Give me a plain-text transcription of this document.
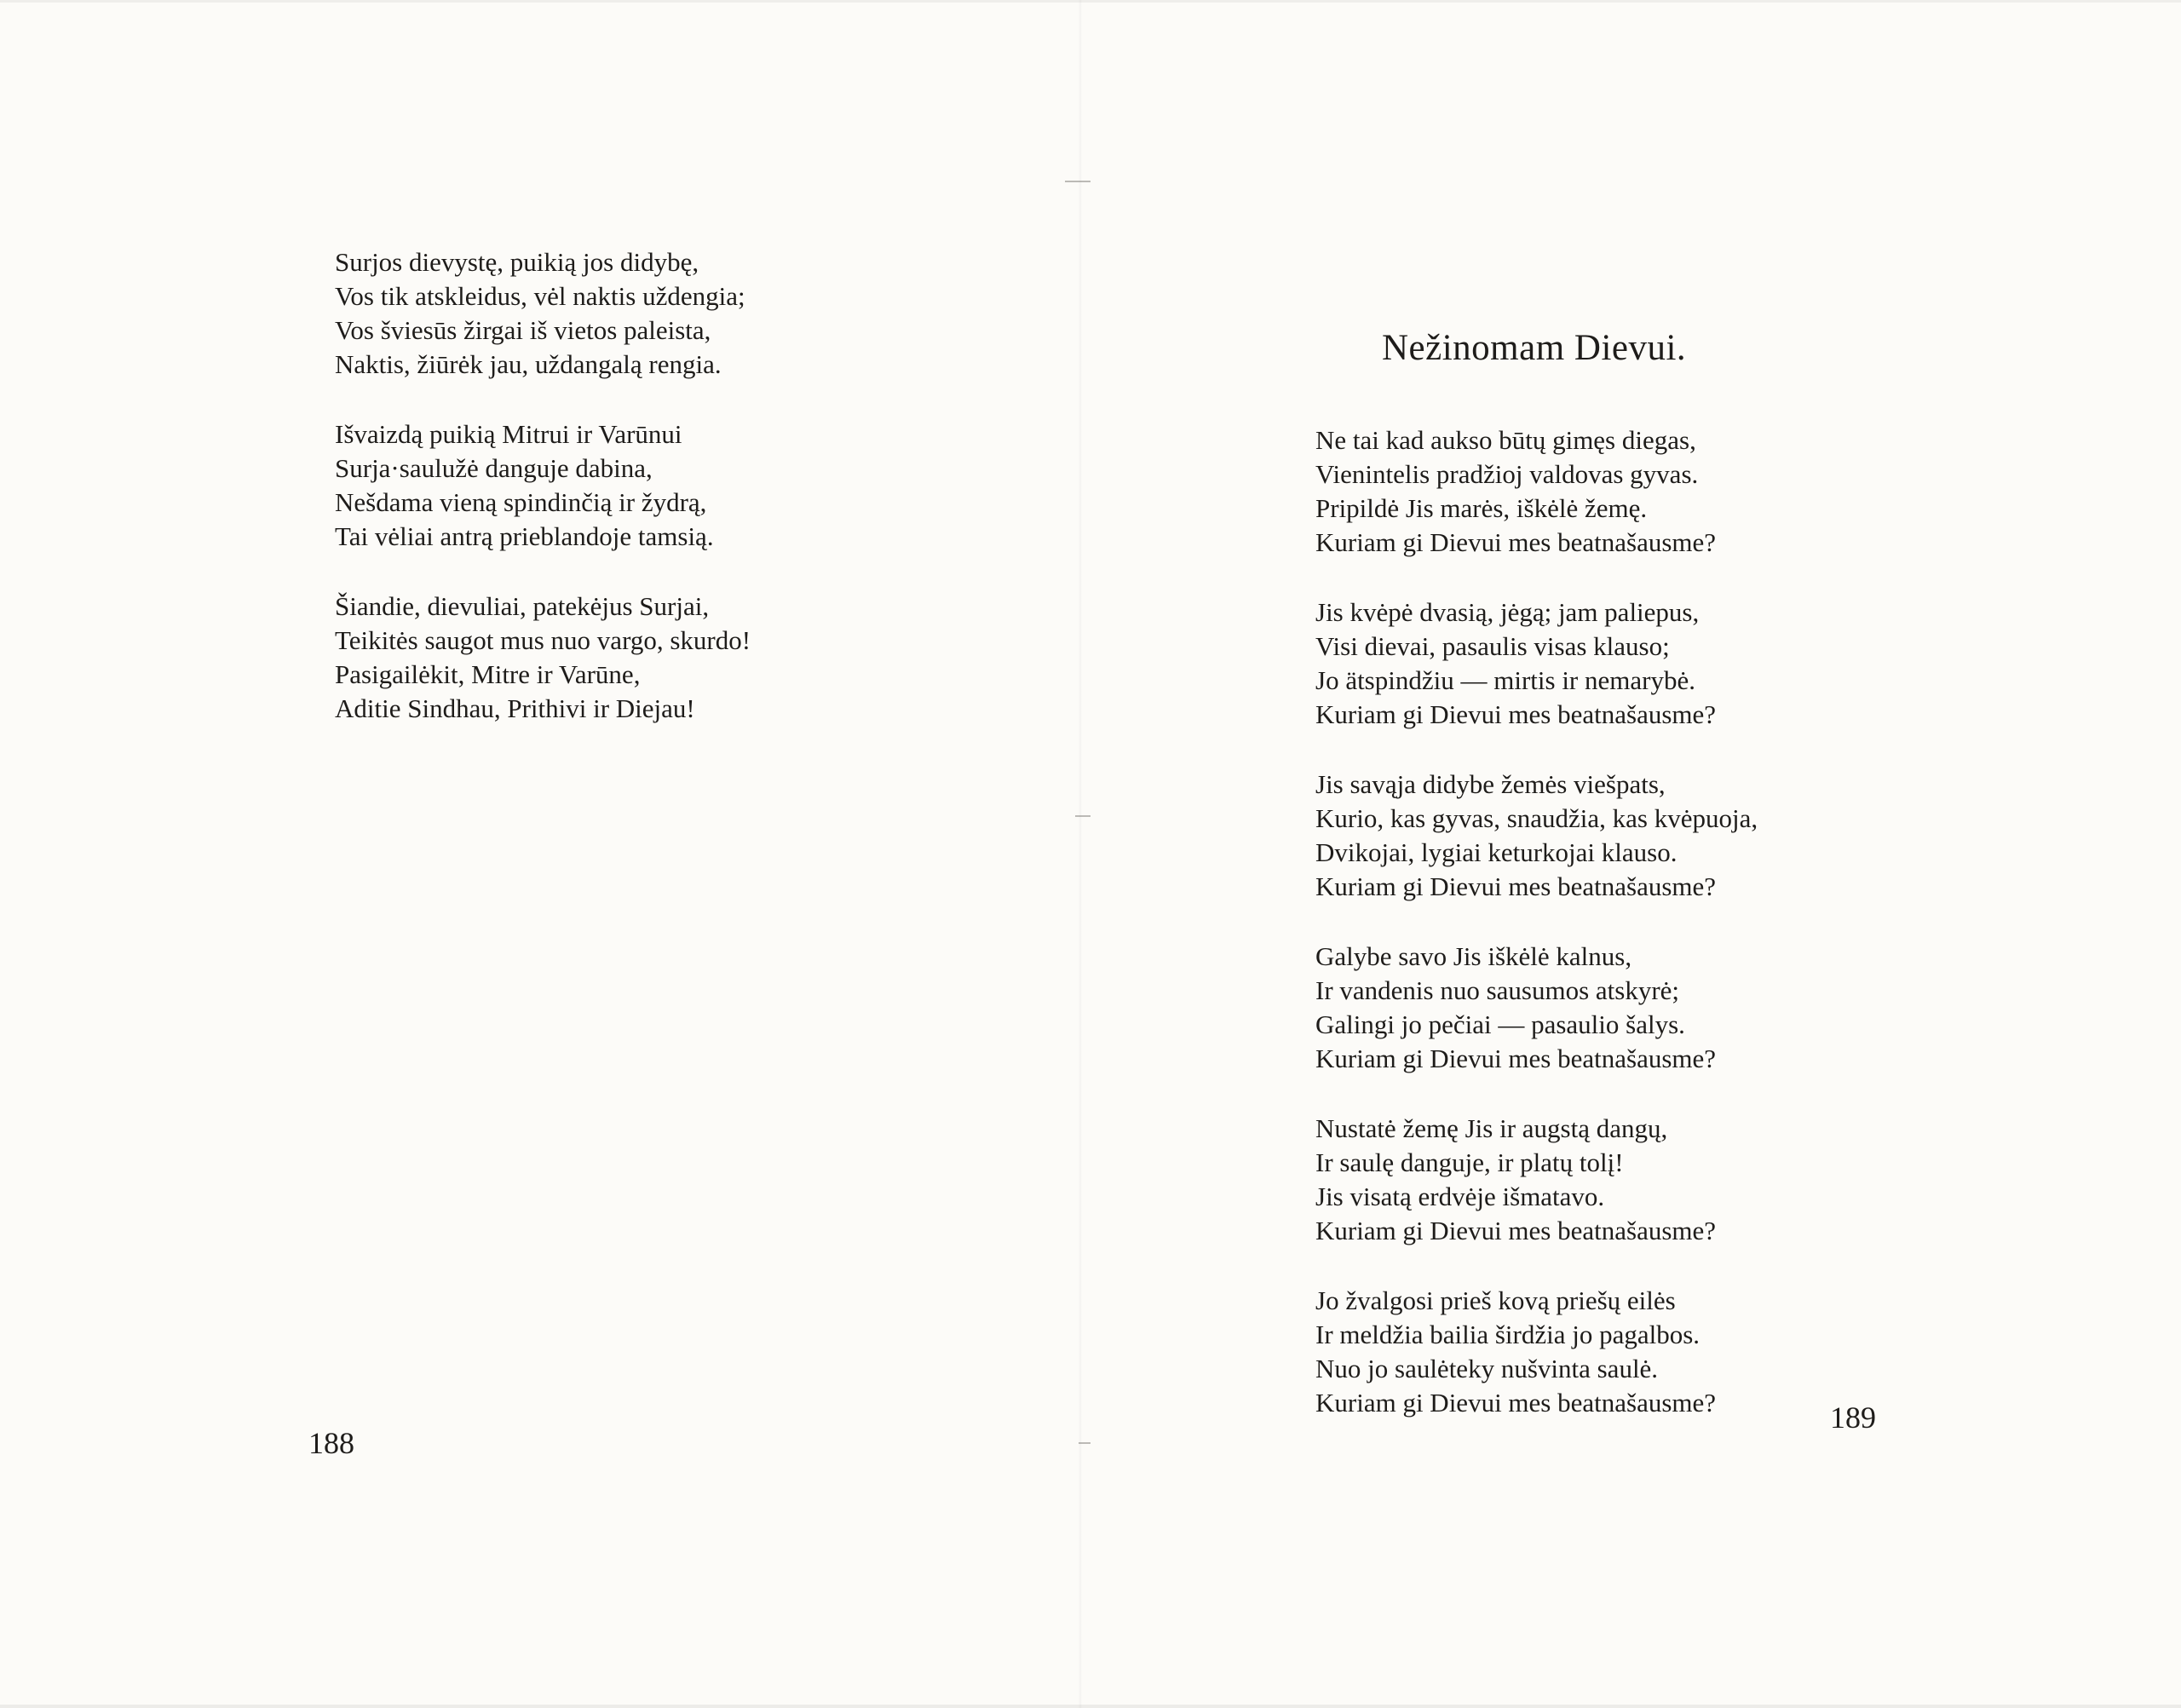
Surjos dievystę, puikią jos didybę,
Vos tik atskleidus, vėl naktis uždengia;
Vos šviesūs žirgai iš vietos paleista,
Naktis, žiūrėk jau, uždangalą rengia.
Išvaizdą puikią Mitrui ir Varūnui
Surja·saulužė danguje dabina,
Nešdama vieną spindinčią ir žydrą,
Tai vėliai antrą prieblandoje tamsią.
Šiandie, dievuliai, patekėjus Surjai,
Teikitės saugot mus nuo vargo, skurdo!
Pasigailėkit, Mitre ir Varūne,
Aditie Sindhau, Prithivi ir Diejau!
188
Nežinomam Dievui.
Ne tai kad aukso būtų gimęs diegas,
Vienintelis pradžioj valdovas gyvas.
Pripildė Jis marės, iškėlė žemę.
Kuriam gi Dievui mes beatnašausme?
Jis kvėpė dvasią, jėgą; jam paliepus,
Visi dievai, pasaulis visas klauso;
Jo ätspindžiu — mirtis ir nemarybė.
Kuriam gi Dievui mes beatnašausme?
Jis savąja didybe žemės viešpats,
Kurio, kas gyvas, snaudžia, kas kvėpuoja,
Dvikojai, lygiai keturkojai klauso.
Kuriam gi Dievui mes beatnašausme?
Galybe savo Jis iškėlė kalnus,
Ir vandenis nuo sausumos atskyrė;
Galingi jo pečiai — pasaulio šalys.
Kuriam gi Dievui mes beatnašausme?
Nustatė žemę Jis ir augstą dangų,
Ir saulę danguje, ir platų tolį!
Jis visatą erdvėje išmatavo.
Kuriam gi Dievui mes beatnašausme?
Jo žvalgosi prieš kovą priešų eilės
Ir meldžia bailia širdžia jo pagalbos.
Nuo jo saulėteky nušvinta saulė.
Kuriam gi Dievui mes beatnašausme?	189
